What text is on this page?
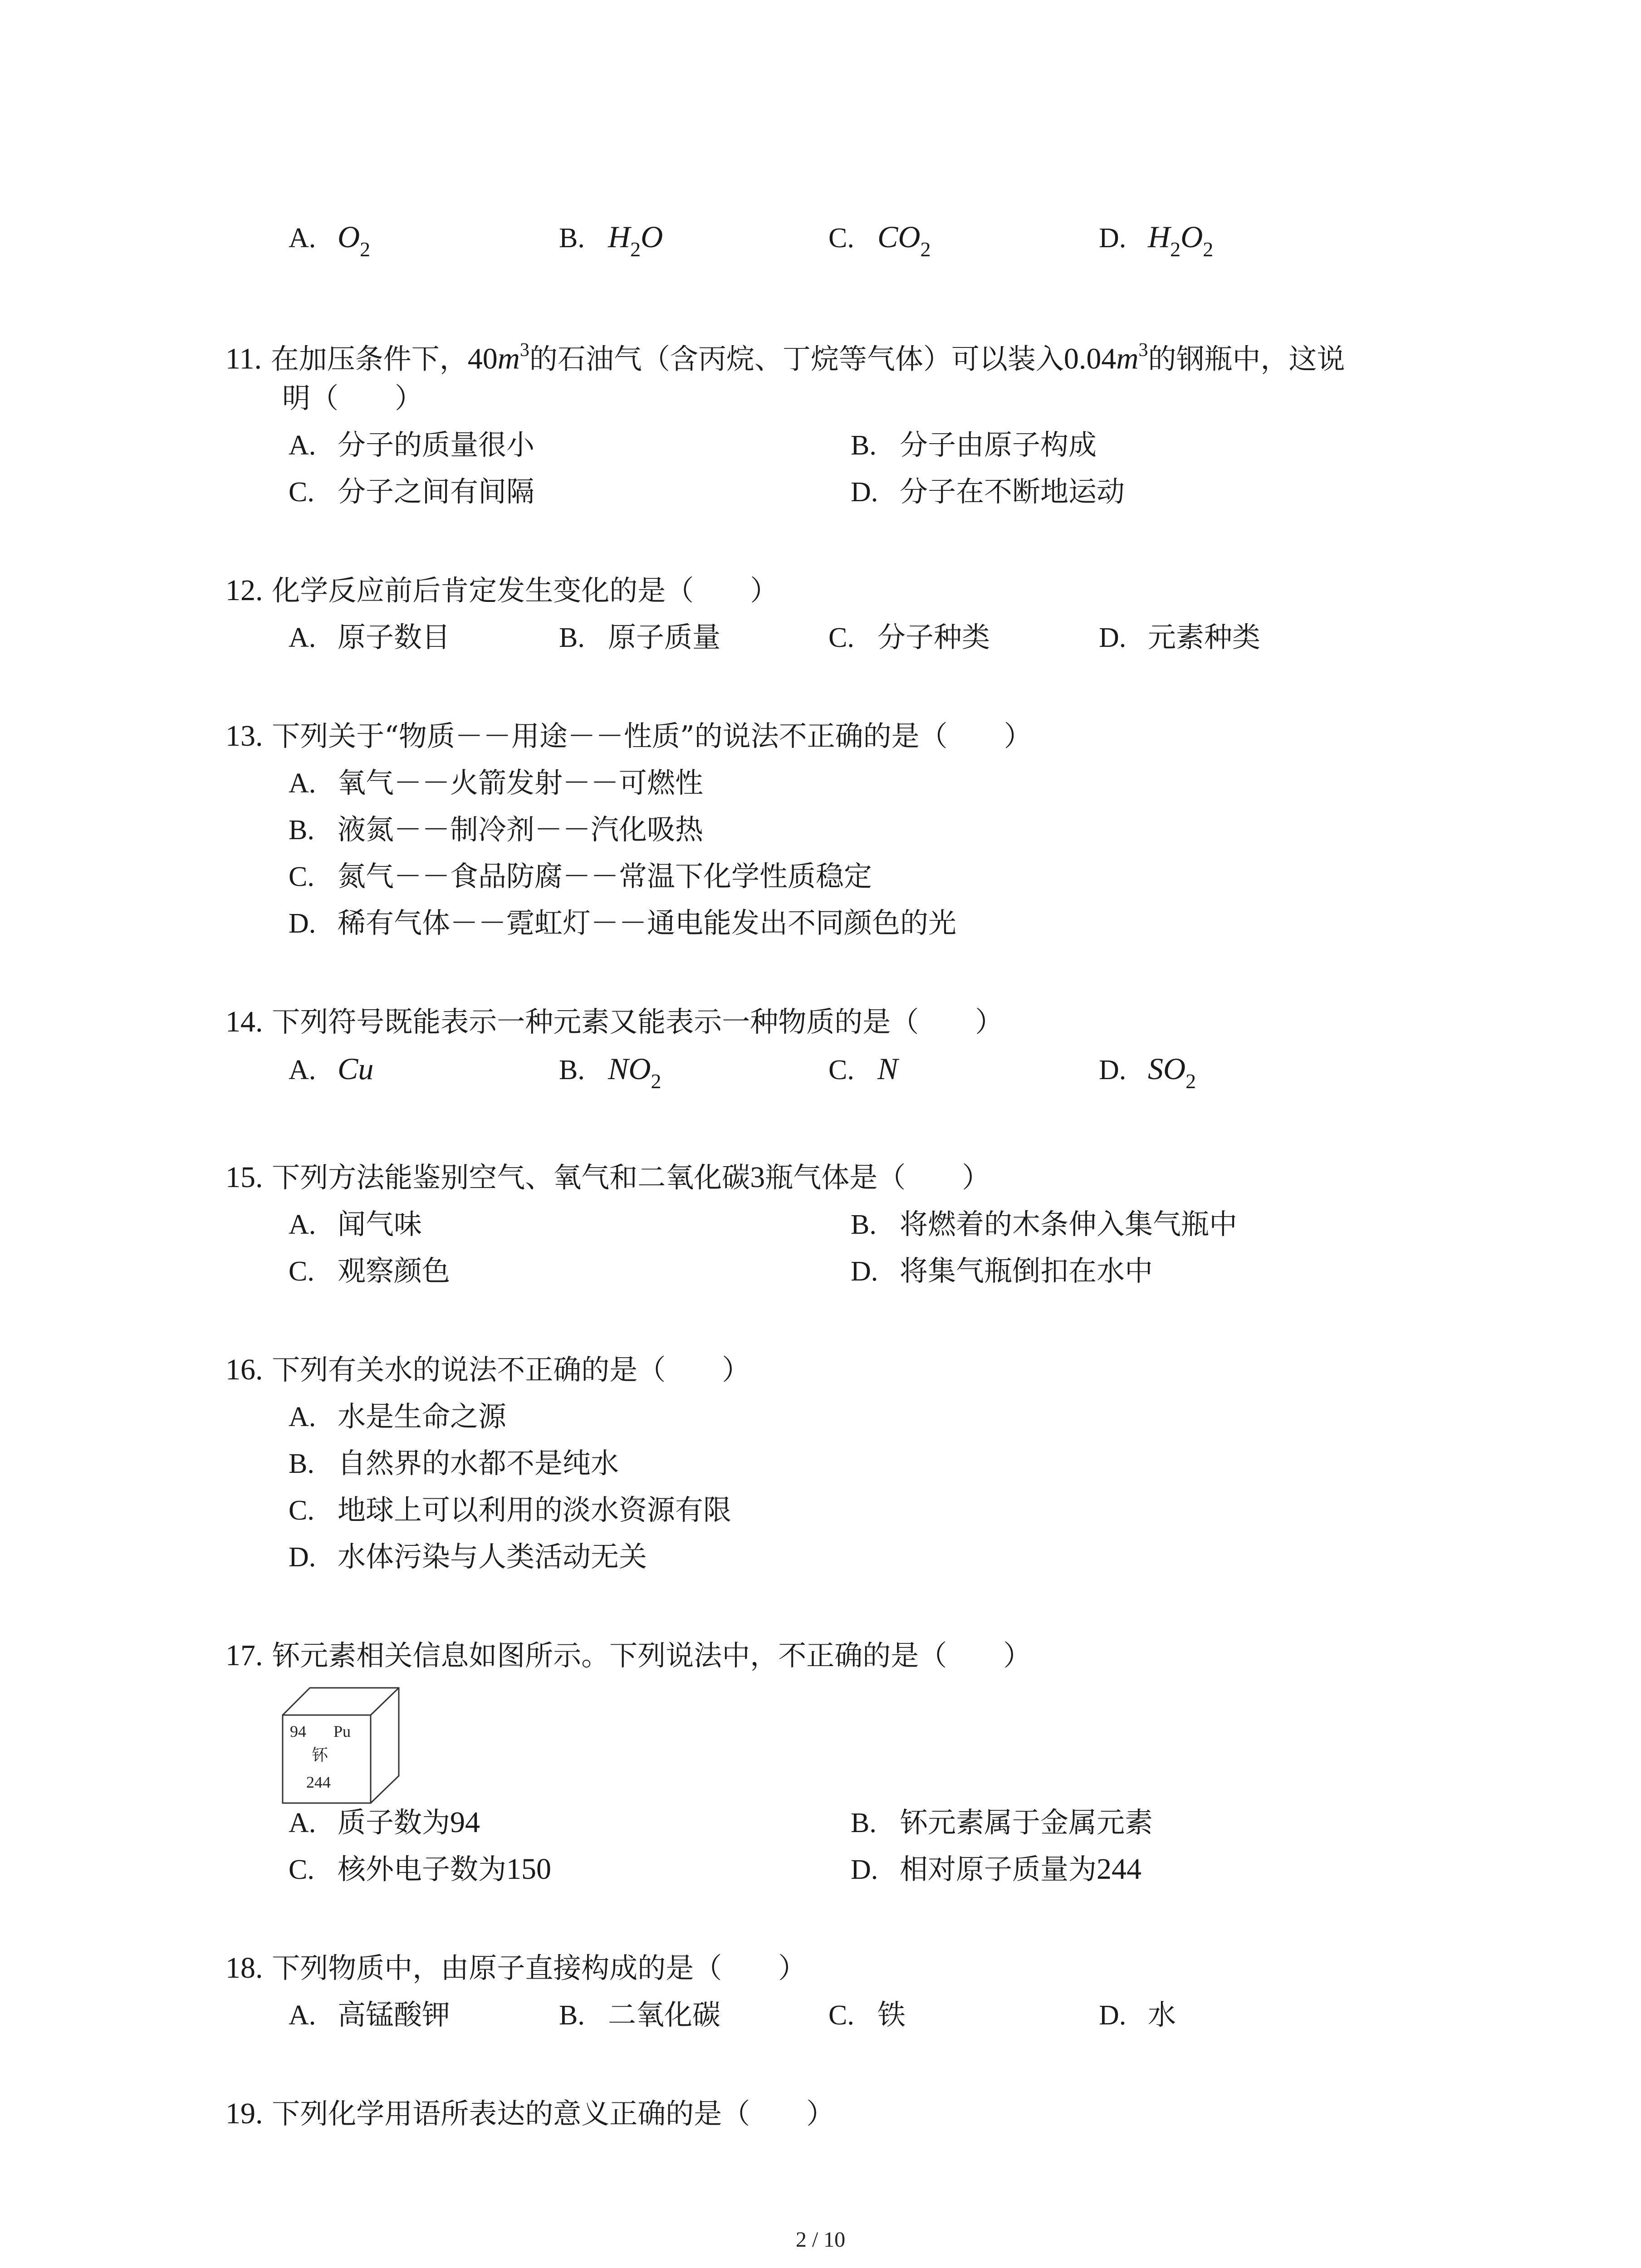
A. $O_2$	B. $H_2O$	C. $CO_2$	D. $H_2O_2$
11. 在加压条件下，$40m^3$的石油气（含丙烷、丁烷等气体）可以装入$0.04m^3$的钢瓶中，这说
明（　　）
A. 分子的质量很小	B. 分子由原子构成
C. 分子之间有间隔	D. 分子在不断地运动
12. 化学反应前后肯定发生变化的是（　　）
A. 原子数目	B. 原子质量	C. 分子种类	D. 元素种类
13. 下列关于“物质－－用途－－性质”的说法不正确的是（　　）
A. 氧气－－火箭发射－－可燃性
B. 液氮－－制冷剂－－汽化吸热
C. 氮气－－食品防腐－－常温下化学性质稳定
D. 稀有气体－－霓虹灯－－通电能发出不同颜色的光
14. 下列符号既能表示一种元素又能表示一种物质的是（　　）
A. Cu	B. $NO_2$	C. N	D. $SO_2$
15. 下列方法能鉴别空气、氧气和二氧化碳3瓶气体是（　　）
A. 闻气味	B. 将燃着的木条伸入集气瓶中
C. 观察颜色	D. 将集气瓶倒扣在水中
16. 下列有关水的说法不正确的是（　　）
A. 水是生命之源
B. 自然界的水都不是纯水
C. 地球上可以利用的淡水资源有限
D. 水体污染与人类活动无关
17. 钚元素相关信息如图所示。下列说法中，不正确的是（　　）
94 Pu
钚
244
A. 质子数为94	B. 钚元素属于金属元素
C. 核外电子数为150	D. 相对原子质量为244
18. 下列物质中，由原子直接构成的是（　　）
A. 高锰酸钾	B. 二氧化碳	C. 铁	D. 水
19. 下列化学用语所表达的意义正确的是（　　）
2 / 10
